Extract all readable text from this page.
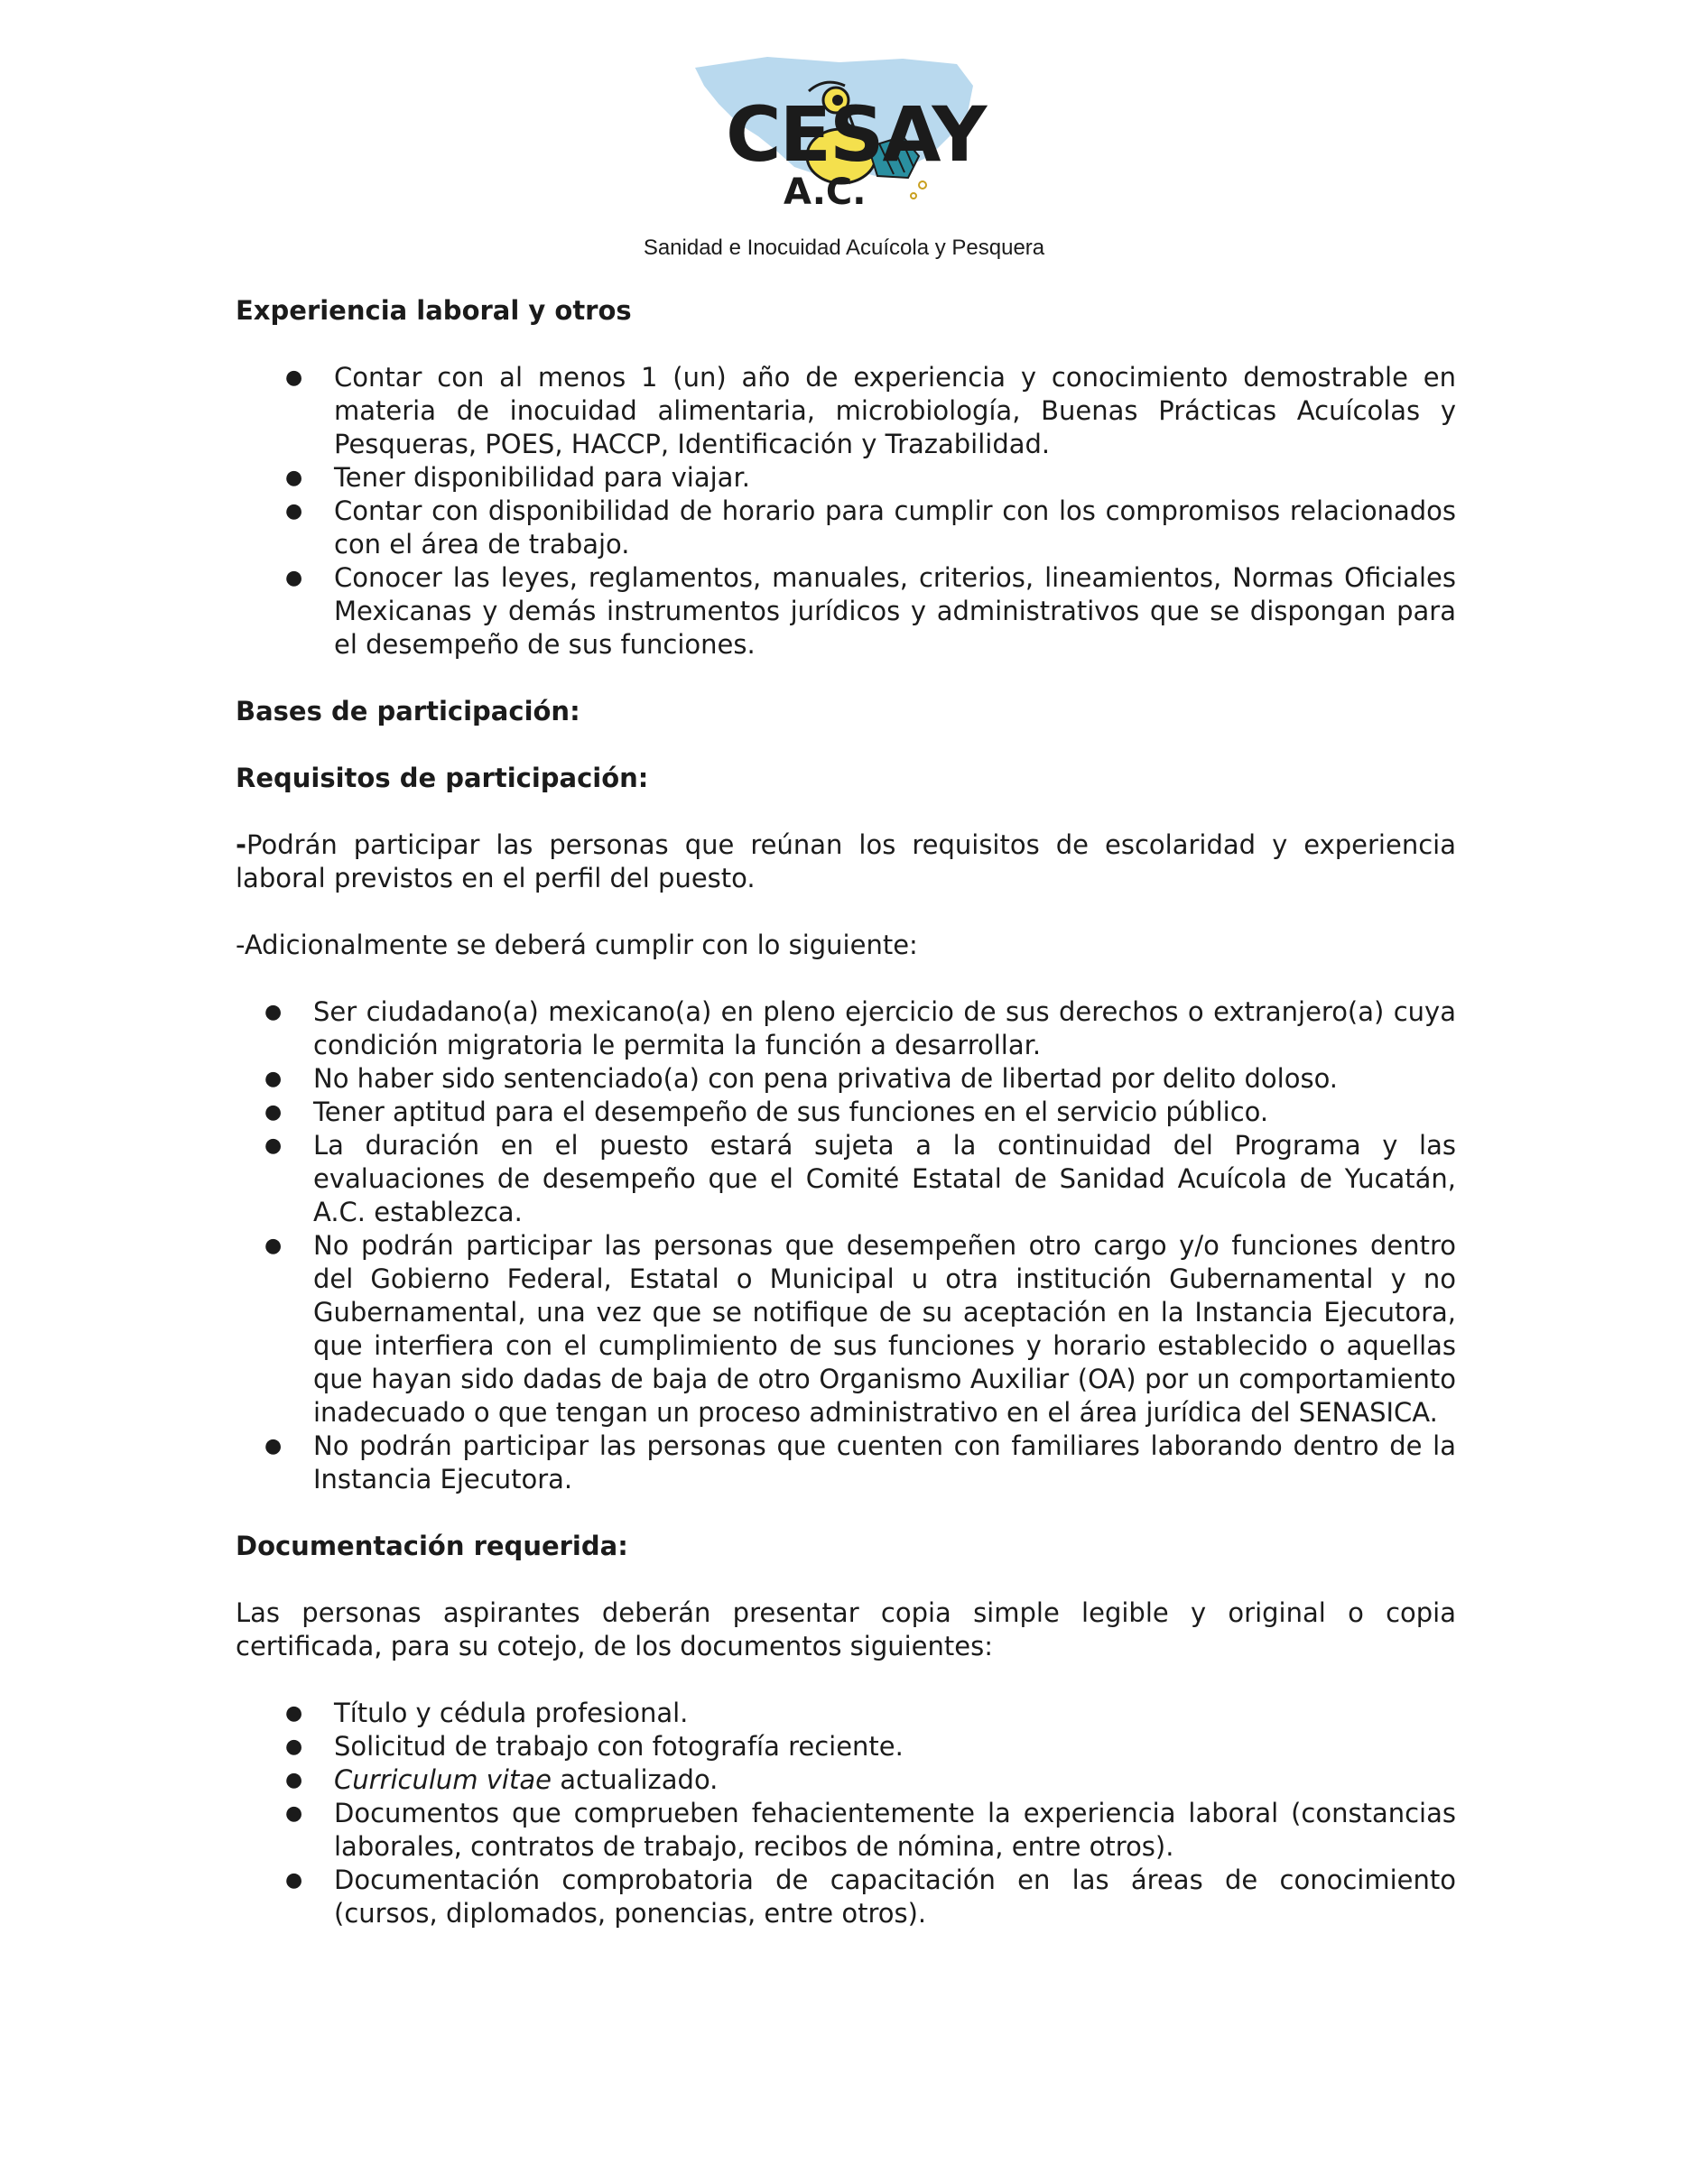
CESAY
A.C.
Sanidad e Inocuidad Acuícola y Pesquera
Experiencia laboral y otros
● Contar con al menos 1 (un) año de experiencia y conocimiento demostrable en materia de inocuidad alimentaria, microbiología, Buenas Prácticas Acuícolas y Pesqueras, POES, HACCP, Identificación y Trazabilidad.
● Tener disponibilidad para viajar.
● Contar con disponibilidad de horario para cumplir con los compromisos relacionados con el área de trabajo.
● Conocer las leyes, reglamentos, manuales, criterios, lineamientos, Normas Oficiales Mexicanas y demás instrumentos jurídicos y administrativos que se dispongan para el desempeño de sus funciones.
Bases de participación:
Requisitos de participación:

-Podrán participar las personas que reúnan los requisitos de escolaridad y experiencia laboral previstos en el perfil del puesto.

-Adicionalmente se deberá cumplir con lo siguiente:

● Ser ciudadano(a) mexicano(a) en pleno ejercicio de sus derechos o extranjero(a) cuya condición migratoria le permita la función a desarrollar.
● No haber sido sentenciado(a) con pena privativa de libertad por delito doloso.
● Tener aptitud para el desempeño de sus funciones en el servicio público.
● La duración en el puesto estará sujeta a la continuidad del Programa y las evaluaciones de desempeño que el Comité Estatal de Sanidad Acuícola de Yucatán, A.C. establezca.
● No podrán participar las personas que desempeñen otro cargo y/o funciones dentro del Gobierno Federal, Estatal o Municipal u otra institución Gubernamental y no Gubernamental, una vez que se notifique de su aceptación en la Instancia Ejecutora, que interfiera con el cumplimiento de sus funciones y horario establecido o aquellas que hayan sido dadas de baja de otro Organismo Auxiliar (OA) por un comportamiento inadecuado o que tengan un proceso administrativo en el área jurídica del SENASICA.
● No podrán participar las personas que cuenten con familiares laborando dentro de la Instancia Ejecutora.
Documentación requerida:

Las personas aspirantes deberán presentar copia simple legible y original o copia certificada, para su cotejo, de los documentos siguientes:

● Título y cédula profesional.
● Solicitud de trabajo con fotografía reciente.
● Curriculum vitae actualizado.
● Documentos que comprueben fehacientemente la experiencia laboral (constancias laborales, contratos de trabajo, recibos de nómina, entre otros).
● Documentación comprobatoria de capacitación en las áreas de conocimiento (cursos, diplomados, ponencias, entre otros).
